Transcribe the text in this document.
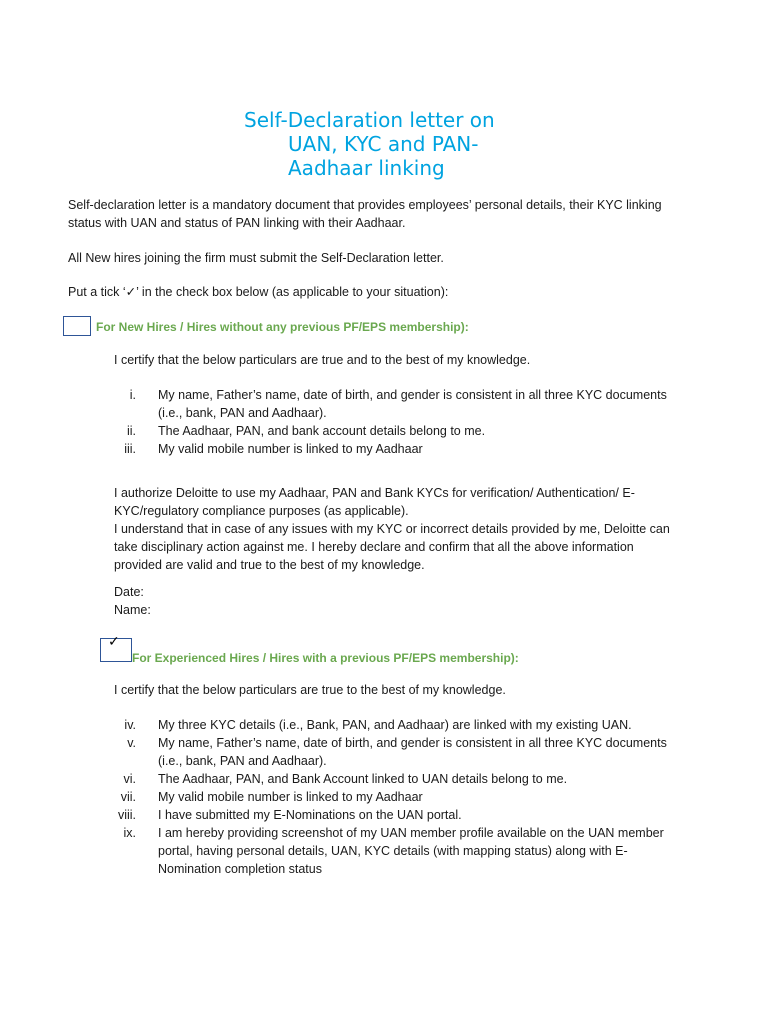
Self-Declaration letter on
UAN, KYC and PAN-
Aadhaar linking
Self-declaration letter is a mandatory document that provides employees’ personal details, their KYC linking
status with UAN and status of PAN linking with their Aadhaar.
All New hires joining the firm must submit the Self-Declaration letter.
Put a tick ‘✓’ in the check box below (as applicable to your situation):
For New Hires / Hires without any previous PF/EPS membership):
I certify that the below particulars are true and to the best of my knowledge.
i. My name, Father’s name, date of birth, and gender is consistent in all three KYC documents
(i.e., bank, PAN and Aadhaar).
ii. The Aadhaar, PAN, and bank account details belong to me.
iii. My valid mobile number is linked to my Aadhaar
I authorize Deloitte to use my Aadhaar, PAN and Bank KYCs for verification/ Authentication/ E-
KYC/regulatory compliance purposes (as applicable).
I understand that in case of any issues with my KYC or incorrect details provided by me, Deloitte can
take disciplinary action against me. I hereby declare and confirm that all the above information
provided are valid and true to the best of my knowledge.
Date:
Name:
✓
For Experienced Hires / Hires with a previous PF/EPS membership):
I certify that the below particulars are true to the best of my knowledge.
iv. My three KYC details (i.e., Bank, PAN, and Aadhaar) are linked with my existing UAN.
v. My name, Father’s name, date of birth, and gender is consistent in all three KYC documents
(i.e., bank, PAN and Aadhaar).
vi. The Aadhaar, PAN, and Bank Account linked to UAN details belong to me.
vii. My valid mobile number is linked to my Aadhaar
viii. I have submitted my E-Nominations on the UAN portal.
ix. I am hereby providing screenshot of my UAN member profile available on the UAN member
portal, having personal details, UAN, KYC details (with mapping status) along with E-
Nomination completion status
